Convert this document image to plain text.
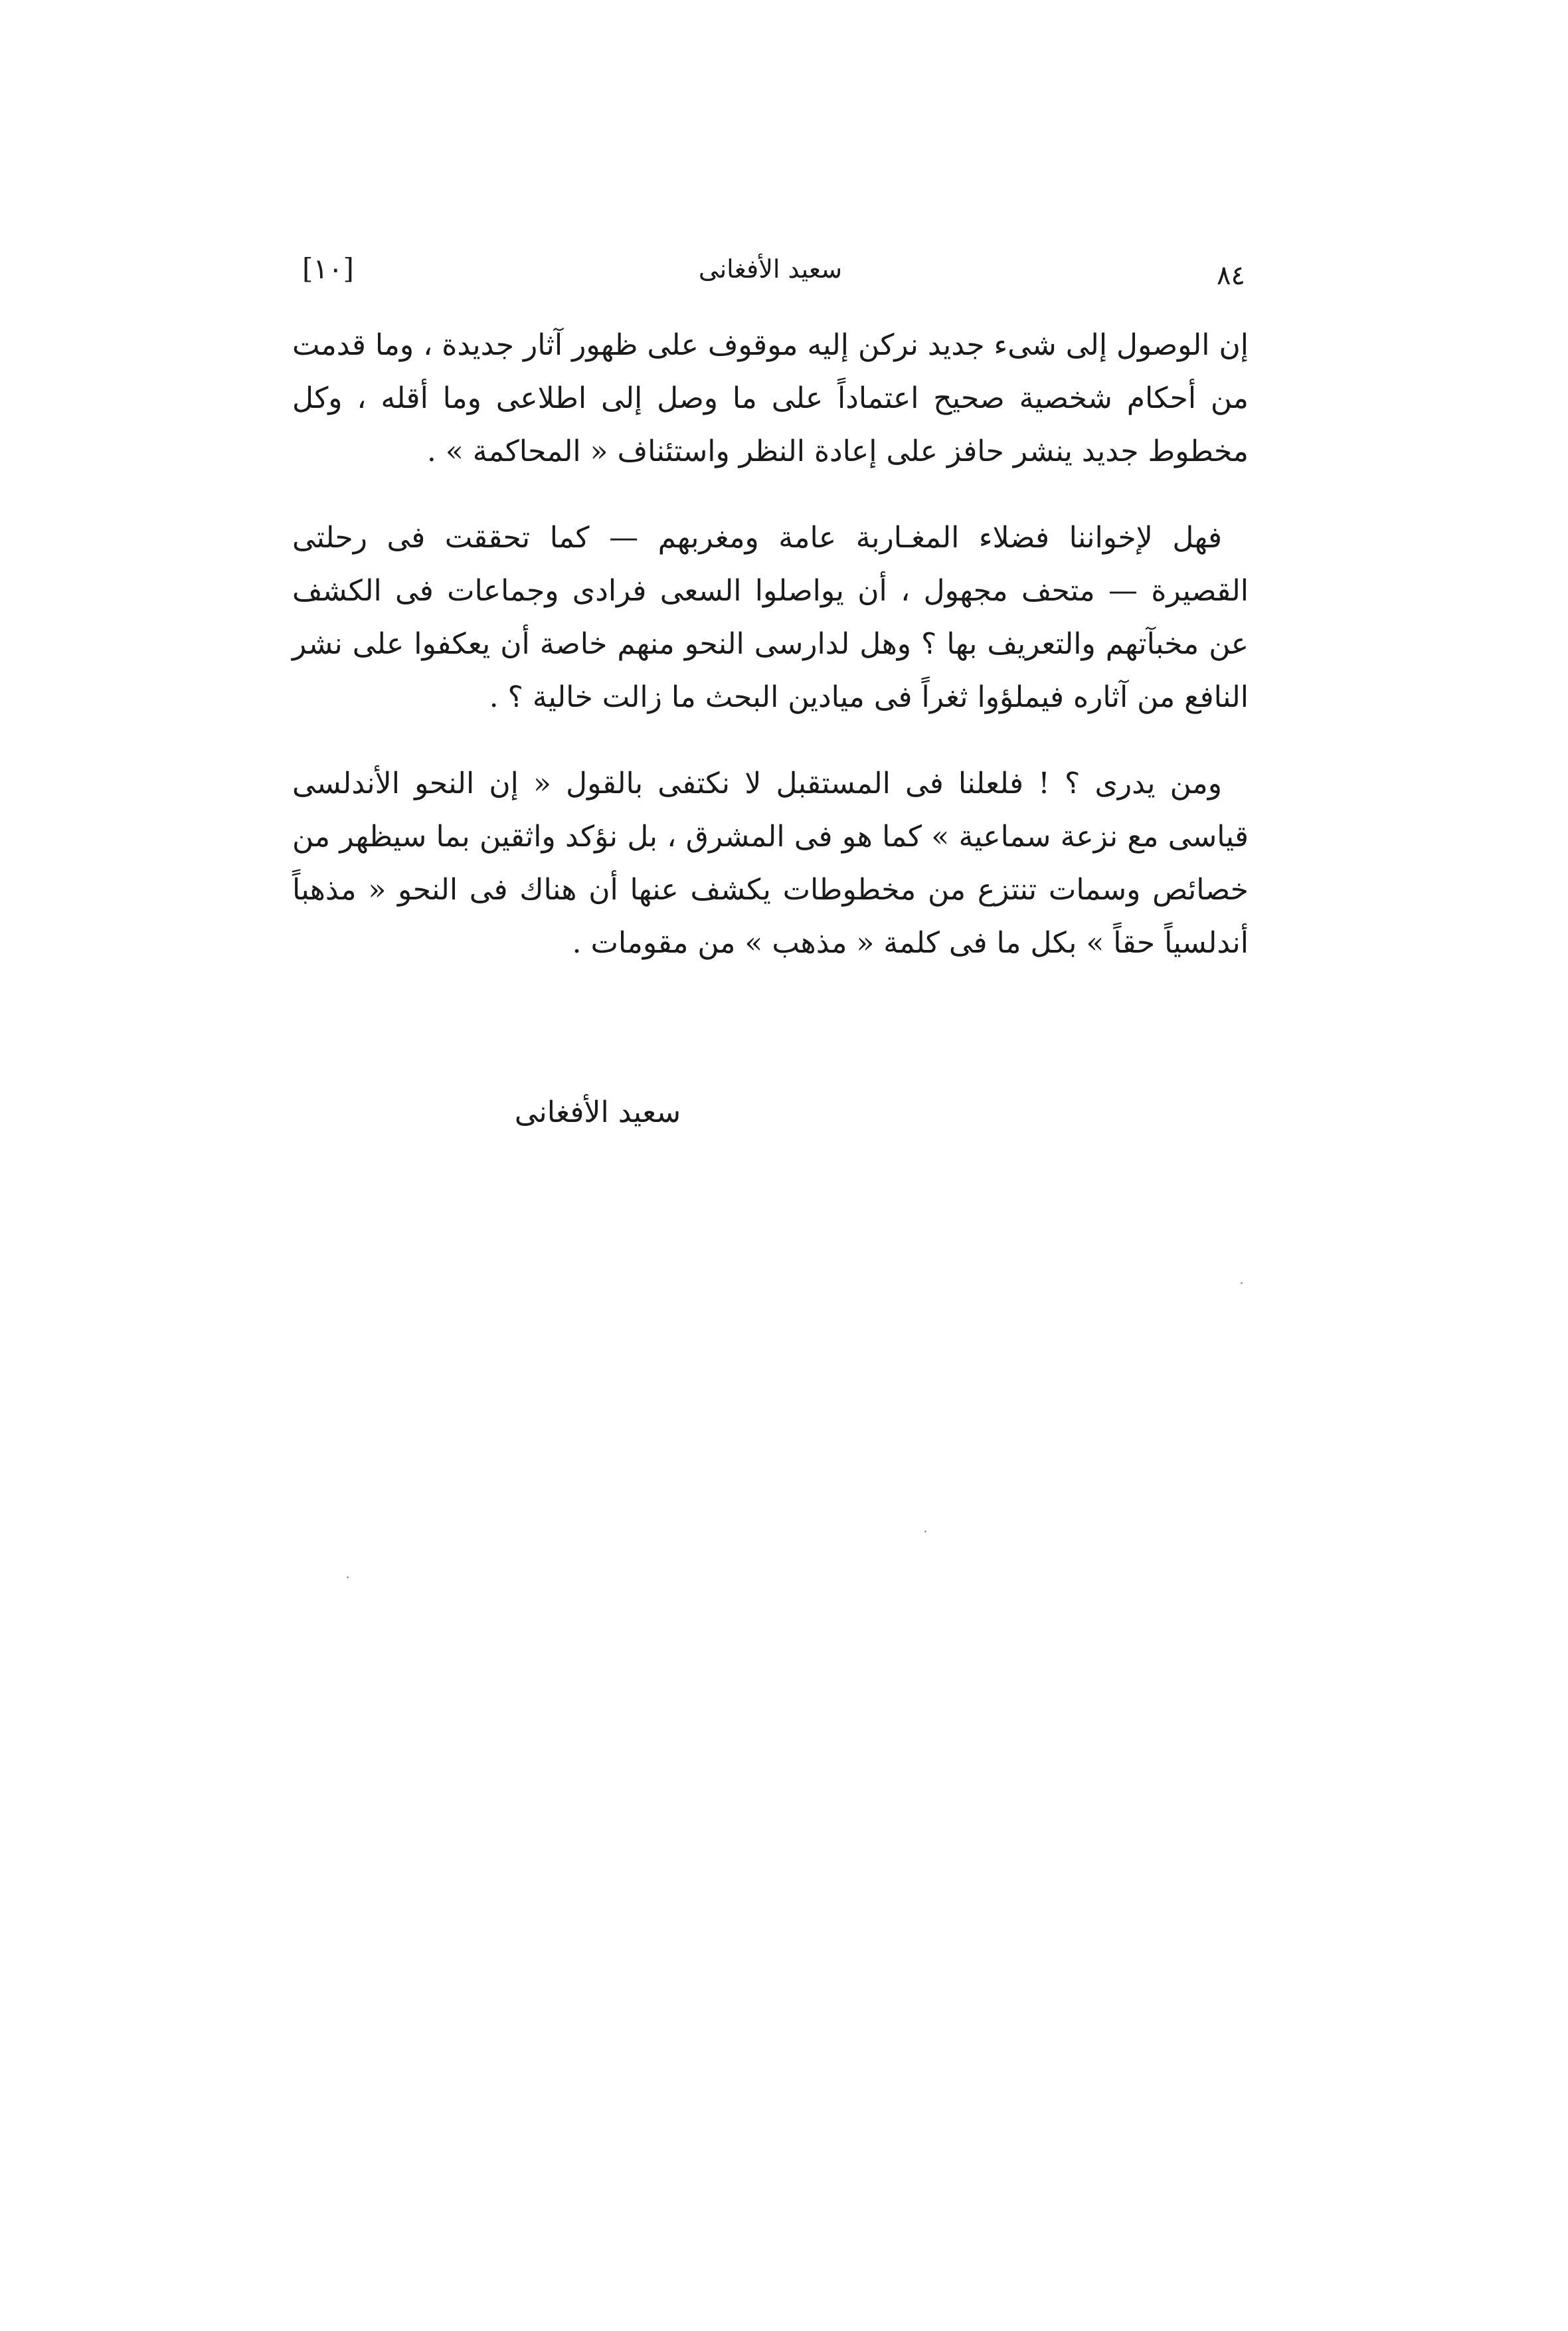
[١٠]	سعيد الأفغانى	٨٤

إن الوصول إلى شىء جديد نركن إليه موقوف على ظهور آثار جديدة ، وما قدمت من أحكام شخصية صحيح اعتماداً على ما وصل إلى اطلاعى وما أقله ، وكل مخطوط جديد ينشر حافز على إعادة النظر واستئناف « المحاكمة » .

فهل لإخواننا فضلاء المغـاربة عامة ومغربهم — كما تحققت فى رحلتى القصيرة — متحف مجهول ، أن يواصلوا السعى فرادى وجماعات فى الكشف عن مخبآتهم والتعريف بها ؟ وهل لدارسى النحو منهم خاصة أن يعكفوا على نشر النافع من آثاره فيملؤوا ثغراً فى ميادين البحث ما زالت خالية ؟ .

ومن يدرى ؟ ! فلعلنا فى المستقبل لا نكتفى بالقول « إن النحو الأندلسى قياسى مع نزعة سماعية » كما هو فى المشرق ، بل نؤكد واثقين بما سيظهر من خصائص وسمات تنتزع من مخطوطات يكشف عنها أن هناك فى النحو « مذهباً أندلسياً حقاً » بكل ما فى كلمة « مذهب » من مقومات .

سعيد الأفغانى
